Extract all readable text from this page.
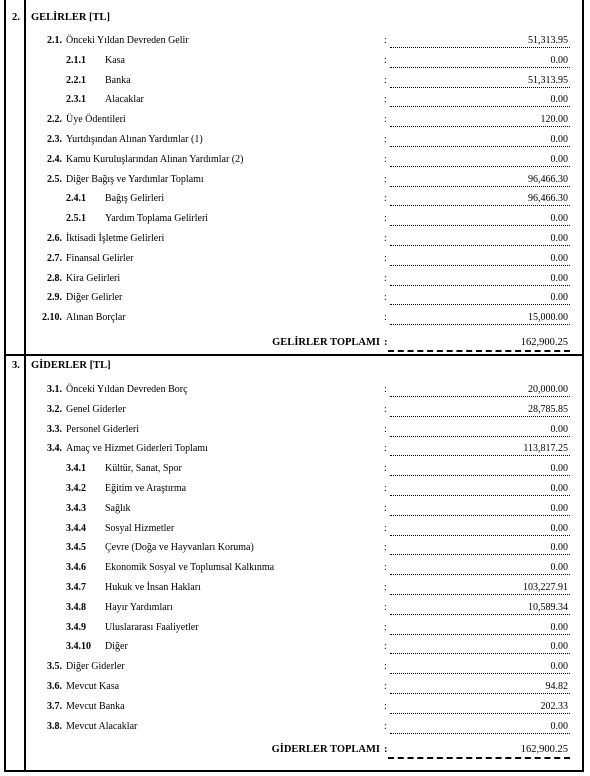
2. GELİRLER [TL]
2.1. Önceki Yıldan Devreden Gelir	:	51,313.95
2.1.1 Kasa	:	0.00
2.2.1 Banka	:	51,313.95
2.3.1 Alacaklar	:	0.00
2.2. Üye Ödentileri	:	120.00
2.3. Yurtdışından Alınan Yardımlar (1)	:	0.00
2.4. Kamu Kuruluşlarından Alınan Yardımlar (2)	:	0.00
2.5. Diğer Bağış ve Yardımlar Toplamı	:	96,466.30
2.4.1 Bağış Gelirleri	:	96,466.30
2.5.1 Yardım Toplama Gelirleri	:	0.00
2.6. İktisadi İşletme Gelirleri	:	0.00
2.7. Finansal Gelirler	:	0.00
2.8. Kira Gelirleri	:	0.00
2.9. Diğer Gelirler	:	0.00
2.10. Alınan Borçlar	:	15,000.00
GELİRLER TOPLAMI :	162,900.25
3. GİDERLER [TL]
3.1. Önceki Yıldan Devreden Borç	:	20,000.00
3.2. Genel Giderler	:	28,785.85
3.3. Personel Giderleri	:	0.00
3.4. Amaç ve Hizmet Giderleri Toplamı	:	113,817.25
3.4.1 Kültür, Sanat, Spor	:	0.00
3.4.2 Eğitim ve Araştırma	:	0.00
3.4.3 Sağlık	:	0.00
3.4.4 Sosyal Hizmetler	:	0.00
3.4.5 Çevre (Doğa ve Hayvanları Koruma)	:	0.00
3.4.6 Ekonomik Sosyal ve Toplumsal Kalkınma	:	0.00
3.4.7 Hukuk ve İnsan Hakları	:	103,227.91
3.4.8 Hayır Yardımları	:	10,589.34
3.4.9 Uluslararası Faaliyetler	:	0.00
3.4.10 Diğer	:	0.00
3.5. Diğer Giderler	:	0.00
3.6. Mevcut Kasa	:	94.82
3.7. Mevcut Banka	:	202.33
3.8. Mevcut Alacaklar	:	0.00
GİDERLER TOPLAMI :	162,900.25
